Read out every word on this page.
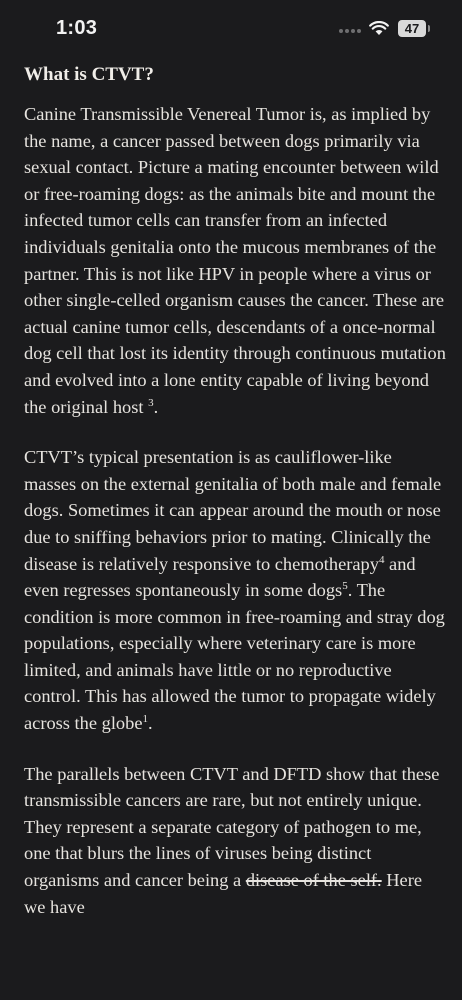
1:03	47
What is CTVT?

Canine Transmissible Venereal Tumor is, as implied by the name, a cancer passed between dogs primarily via sexual contact. Picture a mating encounter between wild or free-roaming dogs: as the animals bite and mount the infected tumor cells can transfer from an infected individuals genitalia onto the mucous membranes of the partner. This is not like HPV in people where a virus or other single-celled organism causes the cancer. These are actual canine tumor cells, descendants of a once-normal dog cell that lost its identity through continuous mutation and evolved into a lone entity capable of living beyond the original host $^3$.

CTVT’s typical presentation is as cauliflower-like masses on the external genitalia of both male and female dogs. Sometimes it can appear around the mouth or nose due to sniffing behaviors prior to mating. Clinically the disease is relatively responsive to chemotherapy$^4$ and even regresses spontaneously in some dogs$^5$. The condition is more common in free-roaming and stray dog populations, especially where veterinary care is more limited, and animals have little or no reproductive control. This has allowed the tumor to propagate widely across the globe$^1$.

The parallels between CTVT and DFTD show that these transmissible cancers are rare, but not entirely unique. They represent a separate category of pathogen to me, one that blurs the lines of viruses being distinct organisms and cancer being a disease of the self. Here we have
